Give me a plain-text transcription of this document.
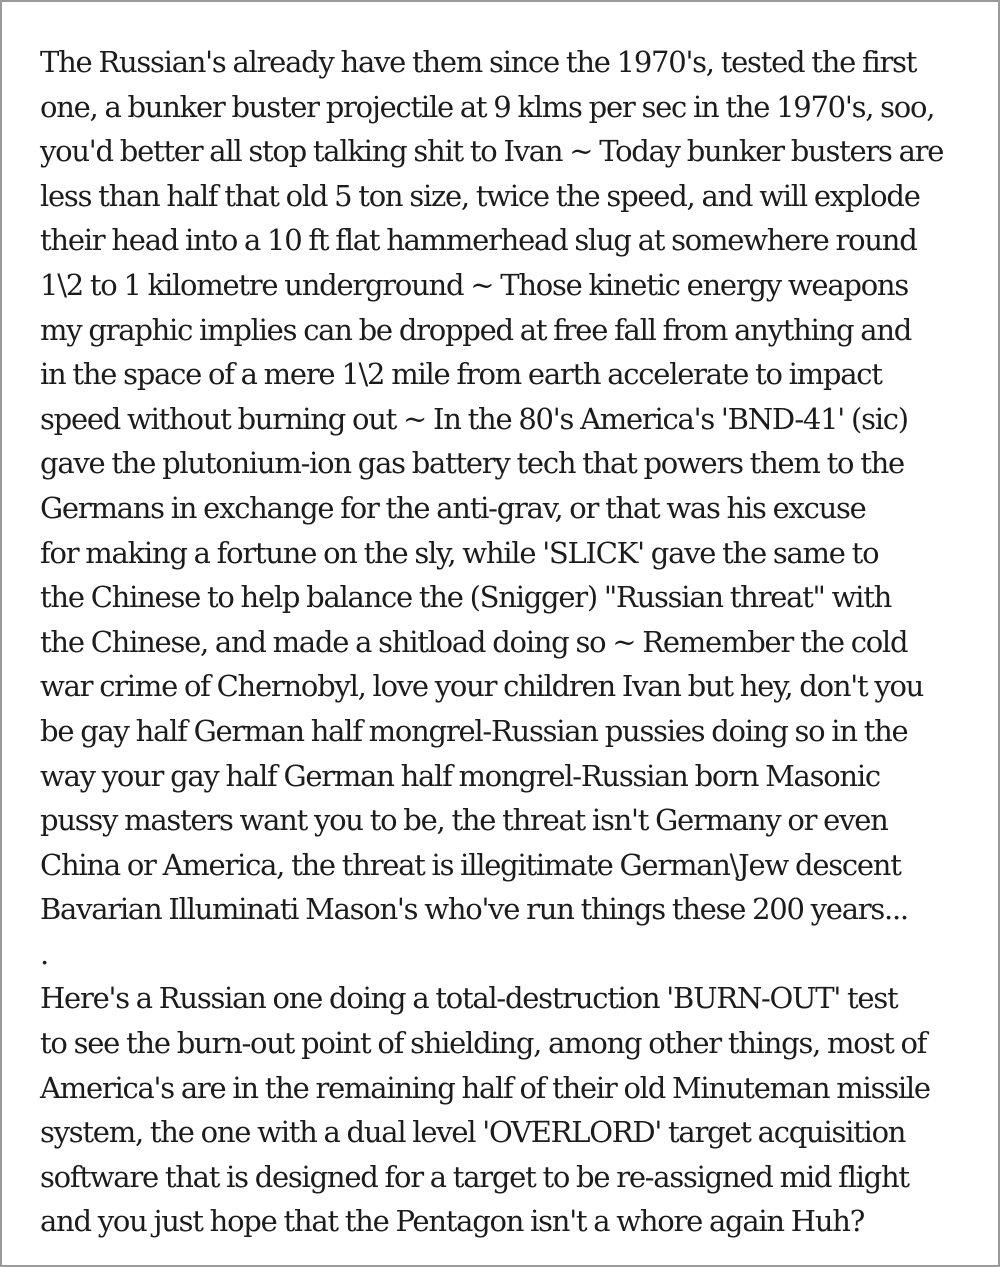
The Russian's already have them since the 1970's, tested the first
one, a bunker buster projectile at 9 klms per sec in the 1970's, soo,
you'd better all stop talking shit to Ivan ~ Today bunker busters are
less than half that old 5 ton size, twice the speed, and will explode
their head into a 10 ft flat hammerhead slug at somewhere round
1\2 to 1 kilometre underground ~ Those kinetic energy weapons
my graphic implies can be dropped at free fall from anything and
in the space of a mere 1\2 mile from earth accelerate to impact
speed without burning out ~ In the 80's America's 'BND-41' (sic)
gave the plutonium-ion gas battery tech that powers them to the
Germans in exchange for the anti-grav, or that was his excuse
for making a fortune on the sly, while 'SLICK' gave the same to
the Chinese to help balance the (Snigger) "Russian threat" with
the Chinese, and made a shitload doing so ~ Remember the cold
war crime of Chernobyl, love your children Ivan but hey, don't you
be gay half German half mongrel-Russian pussies doing so in the
way your gay half German half mongrel-Russian born Masonic
pussy masters want you to be, the threat isn't Germany or even
China or America, the threat is illegitimate German\Jew descent
Bavarian Illuminati Mason's who've run things these 200 years...
.
Here's a Russian one doing a total-destruction 'BURN-OUT' test
to see the burn-out point of shielding, among other things, most of
America's are in the remaining half of their old Minuteman missile
system, the one with a dual level 'OVERLORD' target acquisition
software that is designed for a target to be re-assigned mid flight
and you just hope that the Pentagon isn't a whore again Huh?
